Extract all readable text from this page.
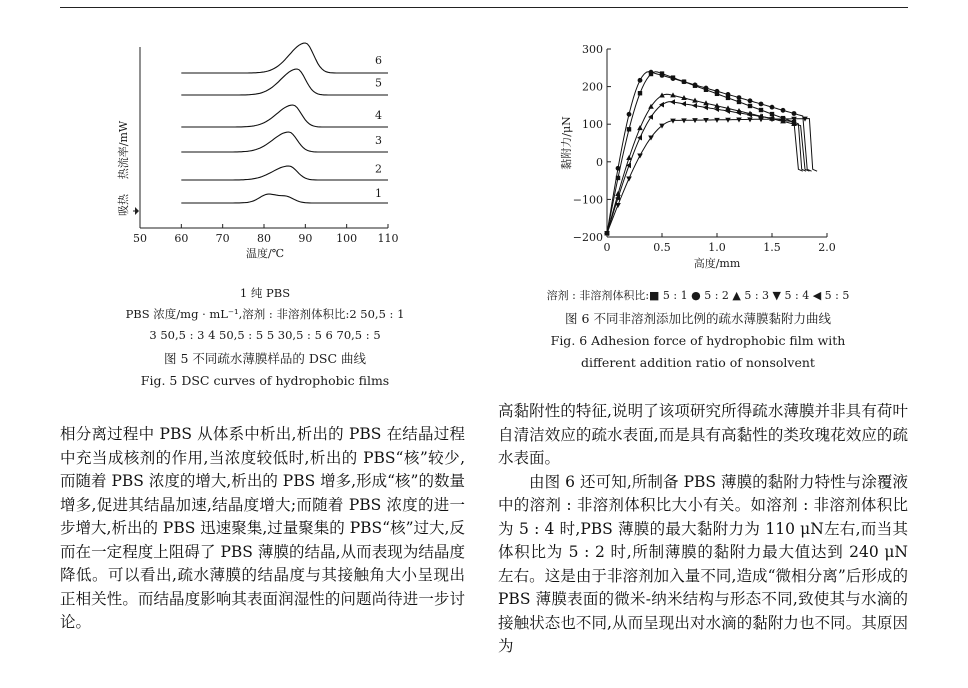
50 60 70 80 90 100 110
温度/℃
热流率/mW
吸热
1
2
3
4
5
6
1 纯 PBS
PBS 浓度/mg · mL⁻¹,溶剂 : 非溶剂体积比:2 50,5 : 1
3 50,5 : 3 4 50,5 : 5 5 30,5 : 5 6 70,5 : 5
图 5 不同疏水薄膜样品的 DSC 曲线
Fig. 5 DSC curves of hydrophobic films
300
200
100
0
−100
−200
0	0.5	1.0	1.5	2.0
高度/mm
黏附力/μN
溶剂 : 非溶剂体积比:■ 5 : 1 ● 5 : 2 ▲ 5 : 3 ▼ 5 : 4 ◀ 5 : 5
图 6 不同非溶剂添加比例的疏水薄膜黏附力曲线
Fig. 6 Adhesion force of hydrophobic film with
different addition ratio of nonsolvent

相分离过程中 PBS 从体系中析出,析出的 PBS 在结晶过程中充当成核剂的作用,当浓度较低时,析出的 PBS“核”较少,而随着 PBS 浓度的增大,析出的 PBS 增多,形成“核”的数量增多,促进其结晶加速,结晶度增大;而随着 PBS 浓度的进一步增大,析出的 PBS 迅速聚集,过量聚集的 PBS“核”过大,反而在一定程度上阻碍了 PBS 薄膜的结晶,从而表现为结晶度降低。可以看出,疏水薄膜的结晶度与其接触角大小呈现出正相关性。而结晶度影响其表面润湿性的问题尚待进一步讨论。

高黏附性的特征,说明了该项研究所得疏水薄膜并非具有荷叶自清洁效应的疏水表面,而是具有高黏性的类玫瑰花效应的疏水表面。

由图 6 还可知,所制备 PBS 薄膜的黏附力特性与涂覆液中的溶剂 : 非溶剂体积比大小有关。如溶剂 : 非溶剂体积比为 5 : 4 时,PBS 薄膜的最大黏附力为 110 μN左右,而当其体积比为 5 : 2 时,所制薄膜的黏附力最大值达到 240 μN 左右。这是由于非溶剂加入量不同,造成“微相分离”后形成的 PBS 薄膜表面的微米-纳米结构与形态不同,致使其与水滴的接触状态也不同,从而呈现出对水滴的黏附力也不同。其原因为
